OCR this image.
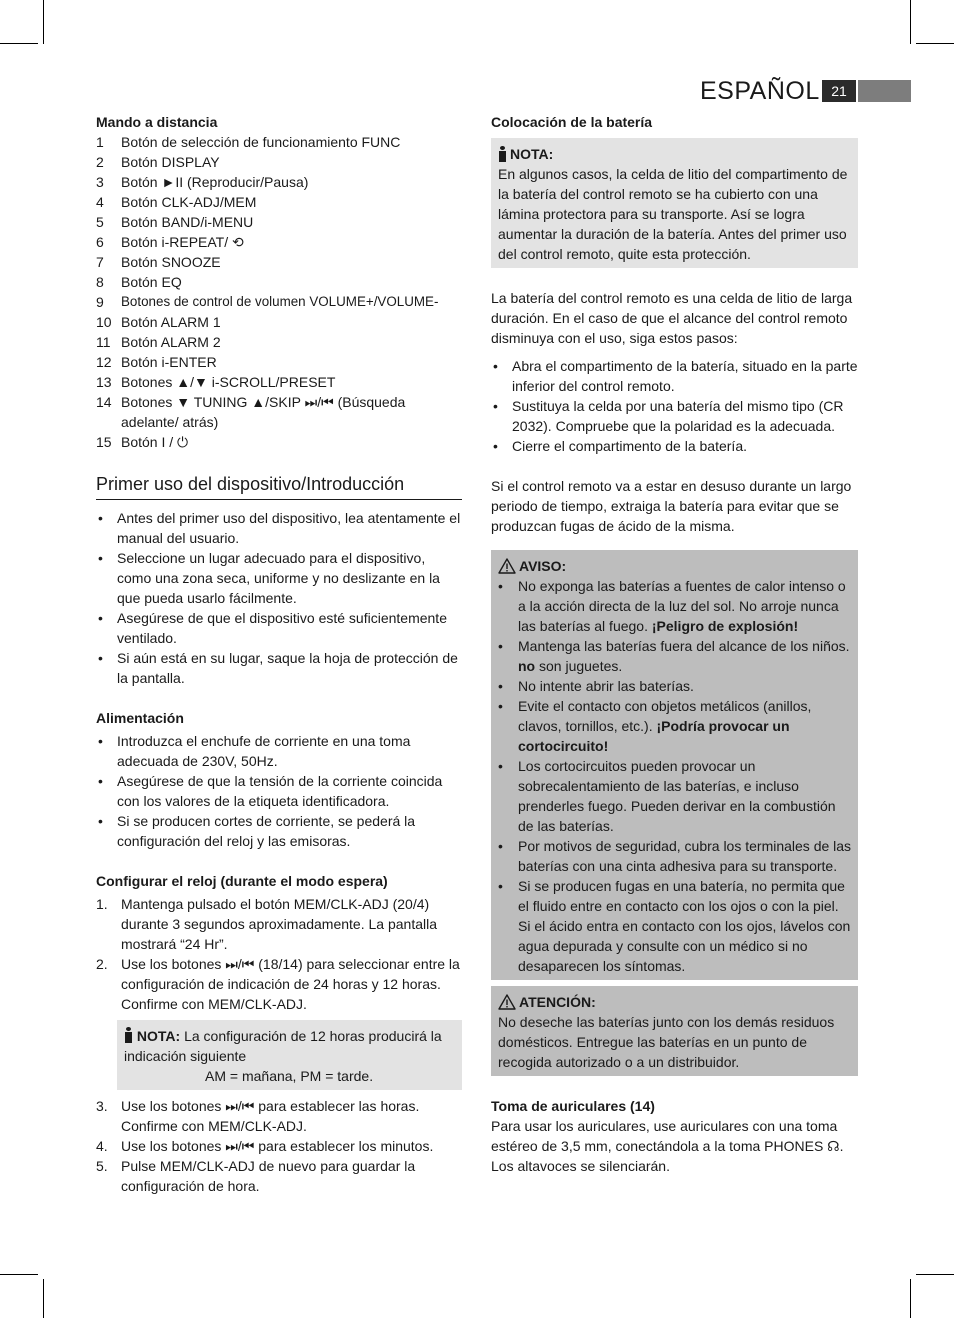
ESPAÑOL 21

Mando a distancia

1	Botón de selección de funcionamiento FUNC
2	Botón DISPLAY
3	Botón ►II (Reproducir/Pausa)
4	Botón CLK-ADJ/MEM
5	Botón BAND/i-MENU
6	Botón i-REPEAT/ ⟲
7	Botón SNOOZE
8	Botón EQ
9	Botones de control de volumen VOLUME+/VOLUME-
10 Botón ALARM 1
11 Botón ALARM 2
12 Botón i-ENTER
13 Botones ▲/▼ i-SCROLL/PRESET
14 Botones ▼ TUNING ▲/SKIP ⏭/⏮ (Búsqueda adelante/ atrás)
15 Botón I / ⏻
Primer uso del dispositivo/Introducción
•	Antes del primer uso del dispositivo, lea atentamente el manual del usuario.
•	Seleccione un lugar adecuado para el dispositivo, como una zona seca, uniforme y no deslizante en la que pueda usarlo fácilmente.
•	Asegúrese de que el dispositivo esté suficientemente ventilado.
•	Si aún está en su lugar, saque la hoja de protección de la pantalla.

Alimentación

•	Introduzca el enchufe de corriente en una toma adecuada de 230V, 50Hz.
•	Asegúrese de que la tensión de la corriente coincida con los valores de la etiqueta identificadora.
•	Si se producen cortes de corriente, se pederá la configuración del reloj y las emisoras.

Configurar el reloj (durante el modo espera)

1. Mantenga pulsado el botón MEM/CLK-ADJ (20/4) durante 3 segundos aproximadamente. La pantalla mostrará “24 Hr”.
2. Use los botones ⏭/⏮ (18/14) para seleccionar entre la configuración de indicación de 24 horas y 12 horas. Confirme con MEM/CLK-ADJ.
NOTA: La configuración de 12 horas producirá la indicación siguiente
AM = mañana, PM = tarde.
3. Use los botones ⏭/⏮ para establecer las horas. Confirme con MEM/CLK-ADJ.
4. Use los botones ⏭/⏮ para establecer los minutos.
5. Pulse MEM/CLK-ADJ de nuevo para guardar la configuración de hora.

Colocación de la batería

NOTA:

En algunos casos, la celda de litio del compartimento de la batería del control remoto se ha cubierto con una lámina protectora para su transporte. Así se logra aumentar la duración de la batería. Antes del primer uso del control remoto, quite esta protección.

La batería del control remoto es una celda de litio de larga duración. En el caso de que el alcance del control remoto disminuya con el uso, siga estos pasos:

•	Abra el compartimento de la batería, situado en la parte inferior del control remoto.
•	Sustituya la celda por una batería del mismo tipo (CR 2032). Compruebe que la polaridad es la adecuada.
•	Cierre el compartimento de la batería.

Si el control remoto va a estar en desuso durante un largo periodo de tiempo, extraiga la batería para evitar que se produzcan fugas de ácido de la misma.

AVISO:
•	No exponga las baterías a fuentes de calor intenso o a la acción directa de la luz del sol. No arroje nunca las baterías al fuego. ¡Peligro de explosión!
•	Mantenga las baterías fuera del alcance de los niños. no son juguetes.
•	No intente abrir las baterías.
•	Evite el contacto con objetos metálicos (anillos, clavos, tornillos, etc.). ¡Podría provocar un cortocircuito!
•	Los cortocircuitos pueden provocar un sobrecalentamiento de las baterías, e incluso prenderles fuego. Pueden derivar en la combustión de las baterías.
•	Por motivos de seguridad, cubra los terminales de las baterías con una cinta adhesiva para su transporte.
•	Si se producen fugas en una batería, no permita que el fluido entre en contacto con los ojos o con la piel. Si el ácido entra en contacto con los ojos, lávelos con agua depurada y consulte con un médico si no desaparecen los síntomas.
ATENCIÓN:

No deseche las baterías junto con los demás residuos domésticos. Entregue las baterías en un punto de recogida autorizado o a un distribuidor.

Toma de auriculares (14)

Para usar los auriculares, use auriculares con una toma estéreo de 3,5 mm, conectándola a la toma PHONES ☊. Los altavoces se silenciarán.
